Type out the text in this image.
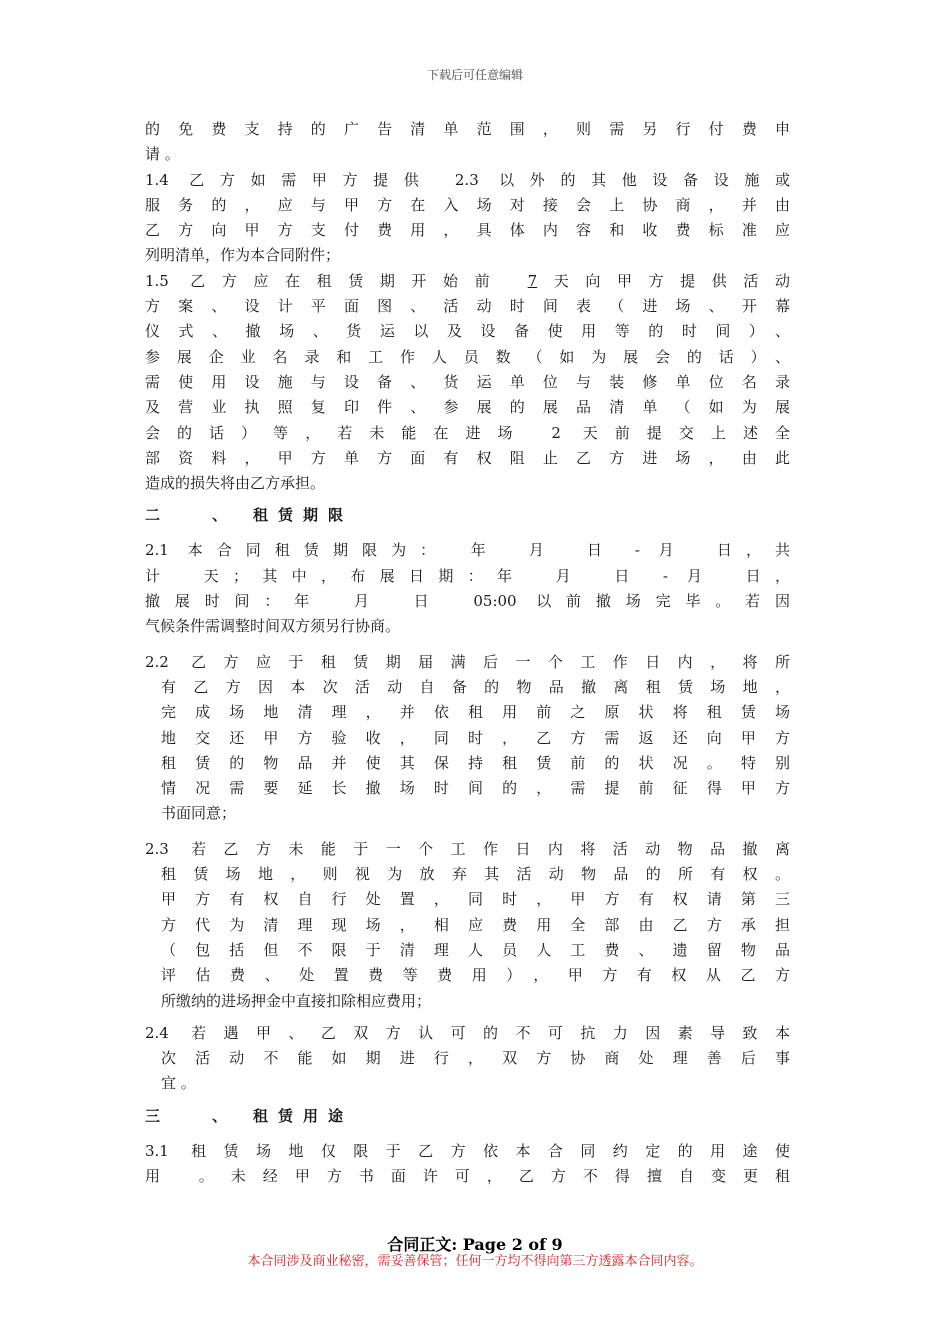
下载后可任意编辑
的免费支持的广告清单范围，则需另行付费申
请 。
1.4 乙方如需甲方提供 2.3 以外的其他设备设施或
服务的，应与甲方在入场对接会上协商，并由
乙方向甲方支付费用，具体内容和收费标准应
列明清单，作为本合同附件；
1.5 乙方应在租赁期开始前 7天向甲方提供活动
方案、设计平面图、活动时间表（进场、开幕
仪式、撤场、货运以及设备使用等的时间）、
参展企业名录和工作人员数（如为展会的话）、
需使用设施与设备、货运单位与装修单位名录
及营业执照复印件、参展的展品清单（如为展
会的话）等，若未能在进场 2 天前提交上述全
部资料，甲方单方面有权阻止乙方进场，由此
造成的损失将由乙方承担。
二 、 租赁期限
2.1 本合同租赁期限为：　年　月　日 - 月　日，共
计　天；其中，布展日期：年　月　日 - 月　日，
撤展时间：年　月　日　05:00 以前撤场完毕。若因
气候条件需调整时间双方须另行协商。
2.2 乙方应于租赁期届满后一个工作日内，将所
有乙方因本次活动自备的物品撤离租赁场地，
完成场地清理，并依租用前之原状将租赁场
地交还甲方验收，同时，乙方需返还向甲方
租赁的物品并使其保持租赁前的状况。特别
情况需要延长撤场时间的，需提前征得甲方
书面同意；
2.3 若乙方未能于一个工作日内将活动物品撤离
租赁场地，则视为放弃其活动物品的所有权。
甲方有权自行处置，同时，甲方有权请第三
方代为清理现场，相应费用全部由乙方承担
（包括但不限于清理人员人工费、遗留物品
评估费、处置费等费用），甲方有权从乙方
所缴纳的进场押金中直接扣除相应费用；
2.4 若遇甲、乙双方认可的不可抗力因素导致本
次活动不能如期进行，双方协商处理善后事
宜 。
三 、 租赁用途
3.1 租赁场地仅限于乙方依本合同约定的用途使
用 。未经甲方书面许可，乙方不得擅自变更租
合同正文: Page 2 of 9
本合同涉及商业秘密，需妥善保管；任何一方均不得向第三方透露本合同内容。
